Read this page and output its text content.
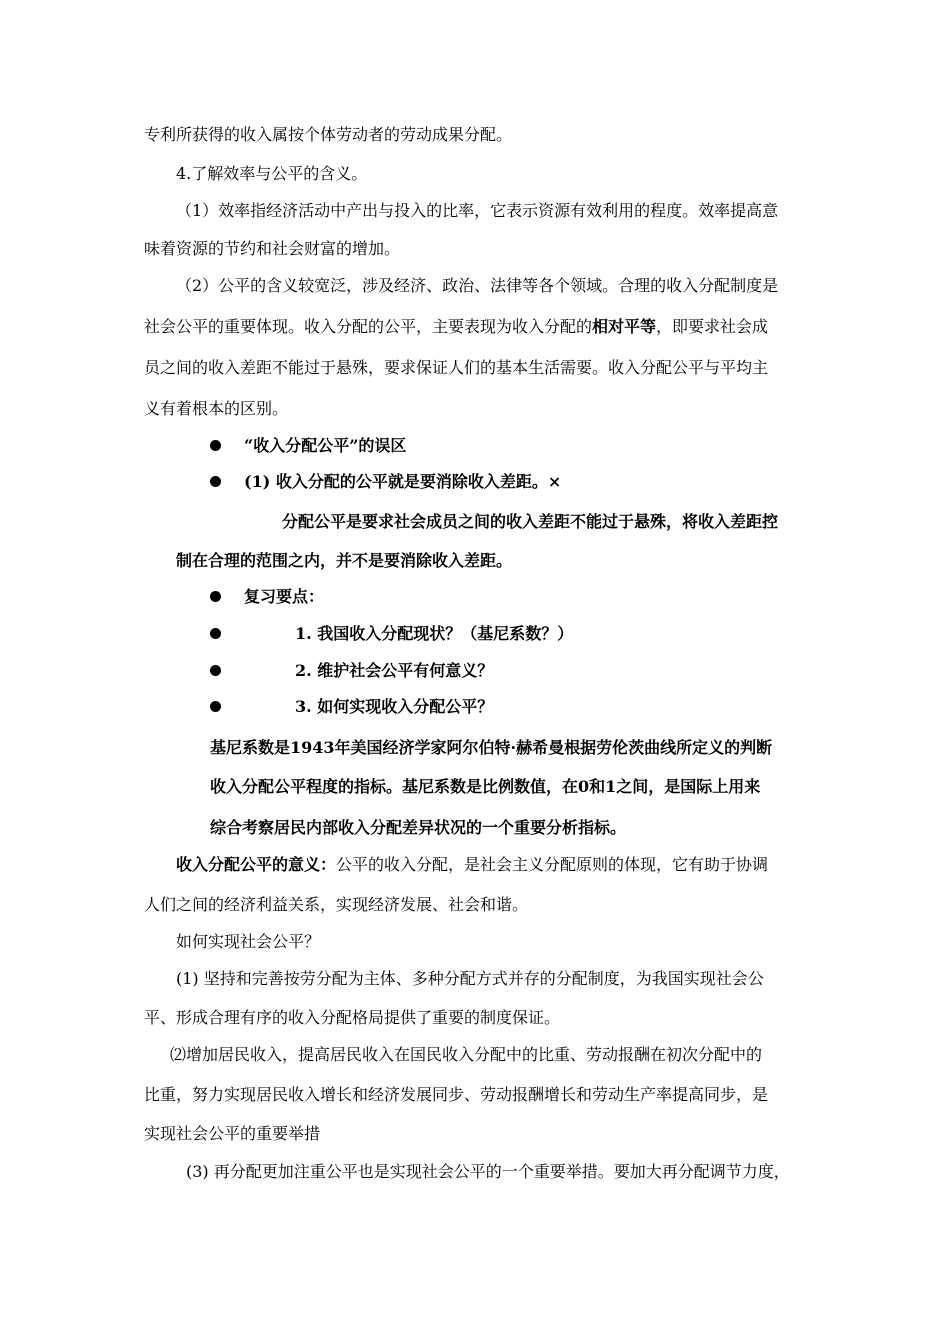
专利所获得的收入属按个体劳动者的劳动成果分配。
4.了解效率与公平的含义。
（1）效率指经济活动中产出与投入的比率，它表示资源有效利用的程度。效率提高意
味着资源的节约和社会财富的增加。
（2）公平的含义较宽泛，涉及经济、政治、法律等各个领域。合理的收入分配制度是
社会公平的重要体现。收入分配的公平，主要表现为收入分配的相对平等，即要求社会成
员之间的收入差距不能过于悬殊，要求保证人们的基本生活需要。收入分配公平与平均主
义有着根本的区别。
“收入分配公平”的误区
(1) 收入分配的公平就是要消除收入差距。×
分配公平是要求社会成员之间的收入差距不能过于悬殊，将收入差距控
制在合理的范围之内，并不是要消除收入差距。
复习要点：
1. 我国收入分配现状？（基尼系数？）
2. 维护社会公平有何意义？
3. 如何实现收入分配公平？
基尼系数是1943年美国经济学家阿尔伯特·赫希曼根据劳伦茨曲线所定义的判断
收入分配公平程度的指标。基尼系数是比例数值，在0和1之间，是国际上用来
综合考察居民内部收入分配差异状况的一个重要分析指标。
收入分配公平的意义：公平的收入分配，是社会主义分配原则的体现，它有助于协调
人们之间的经济利益关系，实现经济发展、社会和谐。
如何实现社会公平？
(1) 坚持和完善按劳分配为主体、多种分配方式并存的分配制度，为我国实现社会公
平、形成合理有序的收入分配格局提供了重要的制度保证。
⑵增加居民收入，提高居民收入在国民收入分配中的比重、劳动报酬在初次分配中的
比重，努力实现居民收入增长和经济发展同步、劳动报酬增长和劳动生产率提高同步，是
实现社会公平的重要举措
(3) 再分配更加注重公平也是实现社会公平的一个重要举措。要加大再分配调节力度，
